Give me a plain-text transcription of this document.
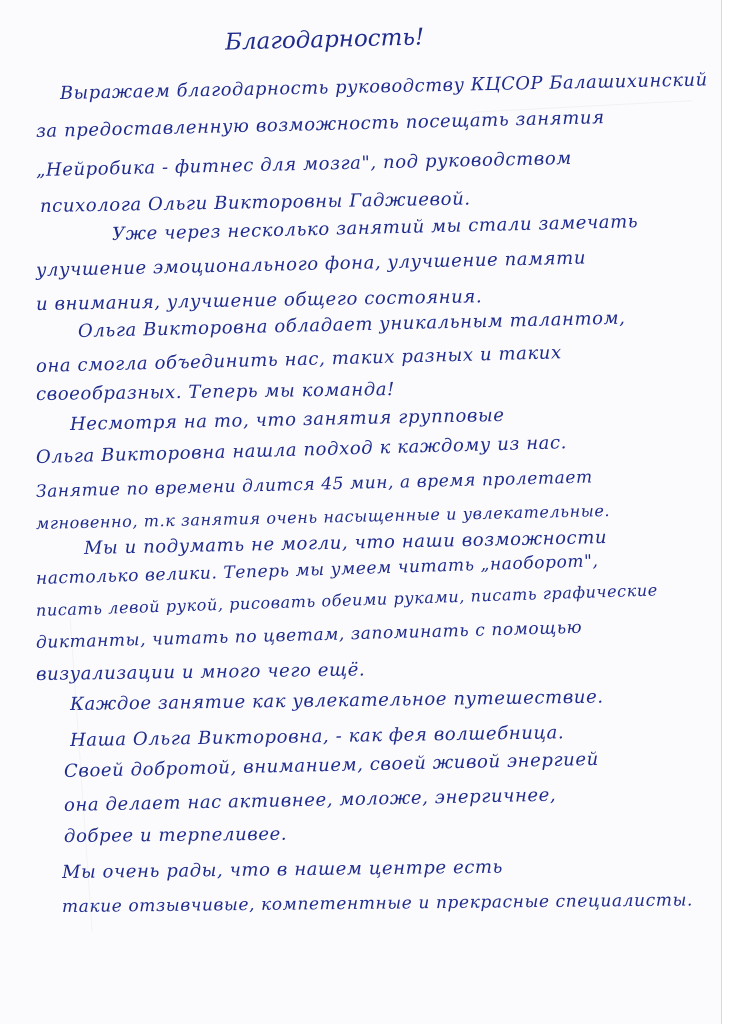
Благодарность!
Выражаем благодарность руководству КЦСОР Балашихинский
за предоставленную возможность посещать занятия
„Нейробика - фитнес для мозга", под руководством
психолога Ольги Викторовны Гаджиевой.
Уже через несколько занятий мы стали замечать
улучшение эмоционального фона, улучшение памяти
и внимания, улучшение общего состояния.
Ольга Викторовна обладает уникальным талантом,
она смогла объединить нас, таких разных и таких
своеобразных. Теперь мы команда!
Несмотря на то, что занятия групповые
Ольга Викторовна нашла подход к каждому из нас.
Занятие по времени длится 45 мин, а время пролетает
мгновенно, т.к занятия очень насыщенные и увлекательные.
Мы и подумать не могли, что наши возможности
настолько велики. Теперь мы умеем читать „наоборот",
писать левой рукой, рисовать обеими руками, писать графические
диктанты, читать по цветам, запоминать с помощью
визуализации и много чего ещё.
Каждое занятие как увлекательное путешествие.
Наша Ольга Викторовна, - как фея волшебница.
Своей добротой, вниманием, своей живой энергией
она делает нас активнее, моложе, энергичнее,
добрее и терпеливее.
Мы очень рады, что в нашем центре есть
такие отзывчивые, компетентные и прекрасные специалисты.
